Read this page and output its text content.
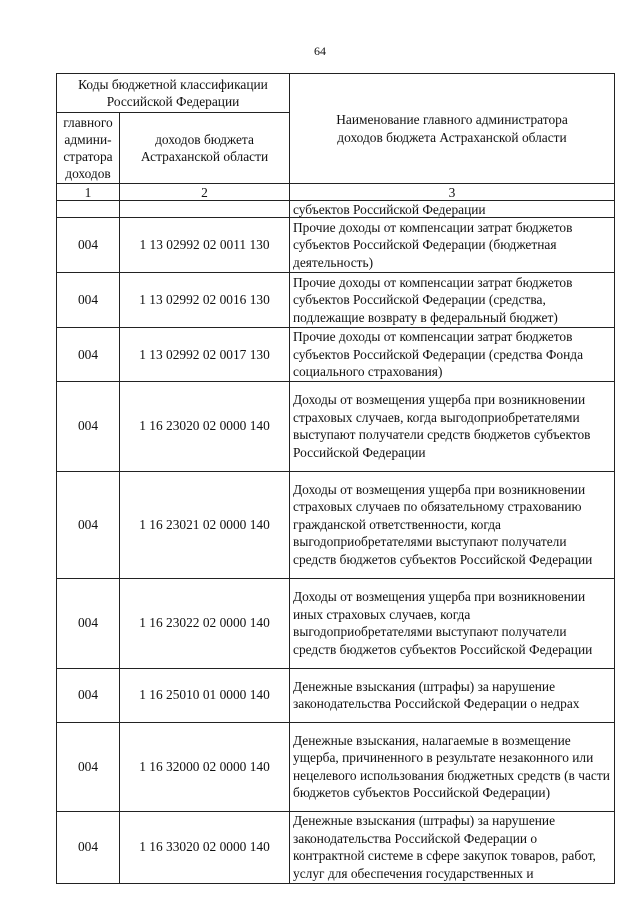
64
Коды бюджетной классификации Российской Федерации		Наименование главного администратора доходов бюджета Астраханской области
главного админи-стратора доходов	доходов бюджета Астраханской области	
1	2	3
		субъектов Российской Федерации
004	1 13 02992 02 0011 130	Прочие доходы от компенсации затрат бюджетов субъектов Российской Федерации (бюджетная деятельность)
004	1 13 02992 02 0016 130	Прочие доходы от компенсации затрат бюджетов субъектов Российской Федерации (средства, подлежащие возврату в федеральный бюджет)
004	1 13 02992 02 0017 130	Прочие доходы от компенсации затрат бюджетов субъектов Российской Федерации (средства Фонда социального страхования)
004	1 16 23020 02 0000 140	Доходы от возмещения ущерба при возникновении страховых случаев, когда выгодоприобретателями выступают получатели средств бюджетов субъектов Российской Федерации
004	1 16 23021 02 0000 140	Доходы от возмещения ущерба при возникновении страховых случаев по обязательному страхованию гражданской ответственности, когда выгодоприобретателями выступают получатели средств бюджетов субъектов Российской Федерации
004	1 16 23022 02 0000 140	Доходы от возмещения ущерба при возникновении иных страховых случаев, когда выгодоприобретателями выступают получатели средств бюджетов субъектов Российской Федерации
004	1 16 25010 01 0000 140	Денежные взыскания (штрафы) за нарушение законодательства Российской Федерации о недрах
004	1 16 32000 02 0000 140	Денежные взыскания, налагаемые в возмещение ущерба, причиненного в результате незаконного или нецелевого использования бюджетных средств (в части бюджетов субъектов Российской Федерации)
004	1 16 33020 02 0000 140	Денежные взыскания (штрафы) за нарушение законодательства Российской Федерации о контрактной системе в сфере закупок товаров, работ, услуг для обеспечения государственных и
